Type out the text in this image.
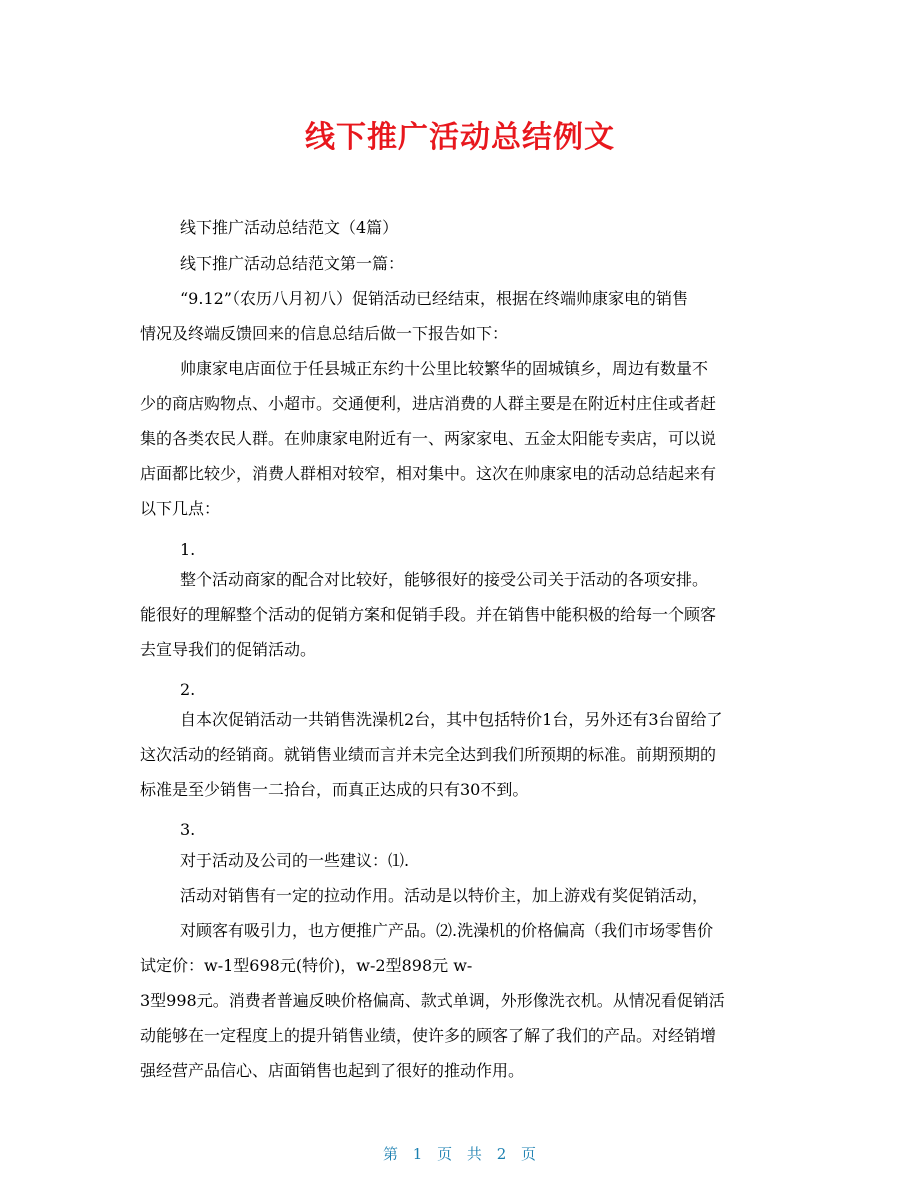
线下推广活动总结例文
线下推广活动总结范文（4篇）
线下推广活动总结范文第一篇：
“9.12”（农历八月初八）促销活动已经结束，根据在终端帅康家电的销售
情况及终端反馈回来的信息总结后做一下报告如下：
帅康家电店面位于任县城正东约十公里比较繁华的固城镇乡，周边有数量不
少的商店购物点、小超市。交通便利，进店消费的人群主要是在附近村庄住或者赶
集的各类农民人群。在帅康家电附近有一、两家家电、五金太阳能专卖店，可以说
店面都比较少，消费人群相对较窄，相对集中。这次在帅康家电的活动总结起来有
以下几点：
1.
整个活动商家的配合对比较好，能够很好的接受公司关于活动的各项安排。
能很好的理解整个活动的促销方案和促销手段。并在销售中能积极的给每一个顾客
去宣导我们的促销活动。
2.
自本次促销活动一共销售洗澡机2台，其中包括特价1台，另外还有3台留给了
这次活动的经销商。就销售业绩而言并未完全达到我们所预期的标准。前期预期的
标准是至少销售一二拾台，而真正达成的只有30不到。
3.
对于活动及公司的一些建议：⑴.
活动对销售有一定的拉动作用。活动是以特价主，加上游戏有奖促销活动，
对顾客有吸引力，也方便推广产品。⑵.洗澡机的价格偏高（我们市场零售价
试定价：w-1型698元(特价)，w-2型898元 w-
3型998元。消费者普遍反映价格偏高、款式单调，外形像洗衣机。从情况看促销活
动能够在一定程度上的提升销售业绩，使许多的顾客了解了我们的产品。对经销增
强经营产品信心、店面销售也起到了很好的推动作用。
第 1 页 共 2 页
